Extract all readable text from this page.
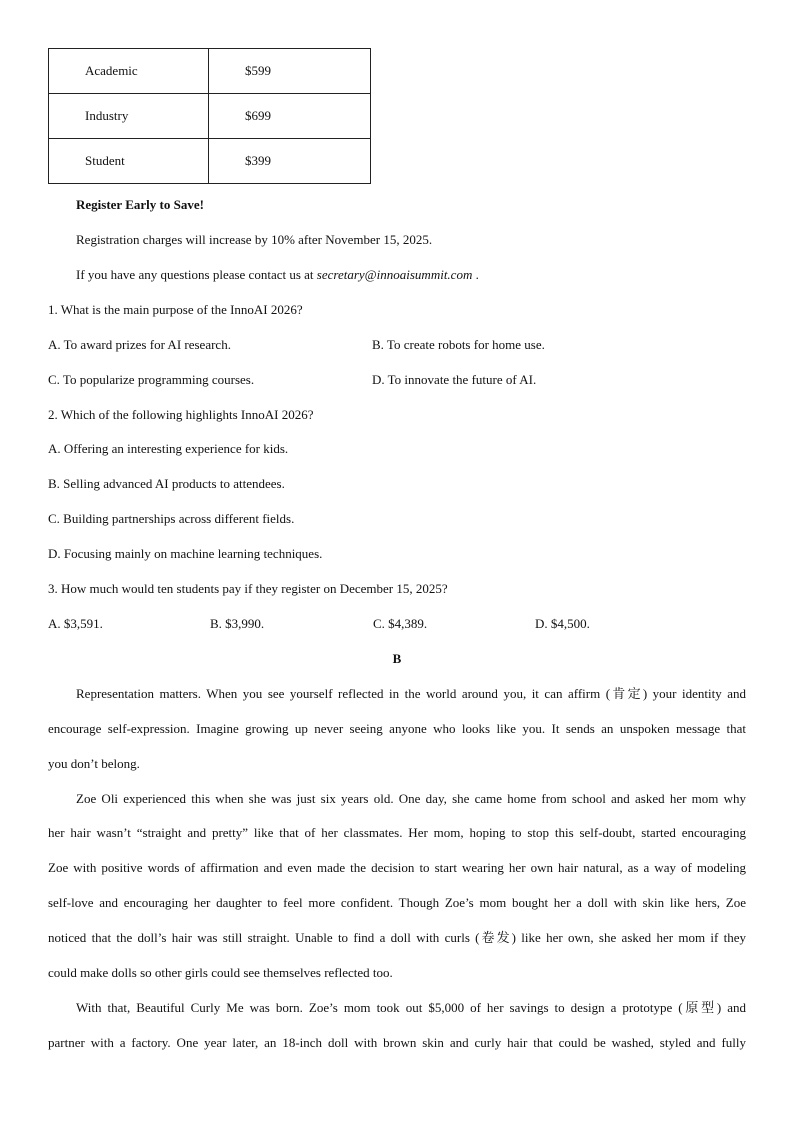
Academic	$599
Industry	$699
Student	$399
Register Early to Save!
Registration charges will increase by 10% after November 15, 2025.
If you have any questions please contact us at secretary@innoaisummit.com .
1. What is the main purpose of the InnoAI 2026?
A. To award prizes for AI research.	B. To create robots for home use.
C. To popularize programming courses.	D. To innovate the future of AI.
2. Which of the following highlights InnoAI 2026?
A. Offering an interesting experience for kids.
B. Selling advanced AI products to attendees.
C. Building partnerships across different fields.
D. Focusing mainly on machine learning techniques.
3. How much would ten students pay if they register on December 15, 2025?
A. $3,591.	B. $3,990.	C. $4,389.	D. $4,500.
B
Representation matters. When you see yourself reflected in the world around you, it can affirm (肯定) your identity and
encourage self-expression. Imagine growing up never seeing anyone who looks like you. It sends an unspoken message that
you don’t belong.
Zoe Oli experienced this when she was just six years old. One day, she came home from school and asked her mom why
her hair wasn’t “straight and pretty” like that of her classmates. Her mom, hoping to stop this self-doubt, started encouraging
Zoe with positive words of affirmation and even made the decision to start wearing her own hair natural, as a way of modeling
self-love and encouraging her daughter to feel more confident. Though Zoe’s mom bought her a doll with skin like hers, Zoe
noticed that the doll’s hair was still straight. Unable to find a doll with curls (卷发) like her own, she asked her mom if they
could make dolls so other girls could see themselves reflected too.
With that, Beautiful Curly Me was born. Zoe’s mom took out $5,000 of her savings to design a prototype (原型) and
partner with a factory. One year later, an 18-inch doll with brown skin and curly hair that could be washed, styled and fully
